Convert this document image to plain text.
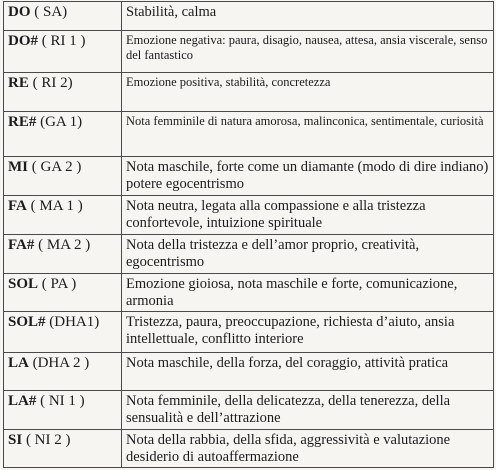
DO ( SA)	Stabilità, calma
DO# ( RI 1 )	Emozione negativa: paura, disagio, nausea, attesa, ansia viscerale, senso del fantastico
RE ( RI 2)	Emozione positiva, stabilità, concretezza
RE# (GA 1)	Nota femminile di natura amorosa, malinconica, sentimentale, curiosità
MI ( GA 2 )	Nota maschile, forte come un diamante (modo di dire indiano) potere egocentrismo
FA ( MA 1 )	Nota neutra, legata alla compassione e alla tristezza confortevole, intuizione spirituale
FA# ( MA 2 )	Nota della tristezza e dell’amor proprio, creatività, egocentrismo
SOL ( PA )	Emozione gioiosa, nota maschile e forte, comunicazione, armonia
SOL# (DHA1)	Tristezza, paura, preoccupazione, richiesta d’aiuto, ansia intellettuale, conflitto interiore
LA (DHA 2 )	Nota maschile, della forza, del coraggio, attività pratica
LA# ( NI 1 )	Nota femminile, della delicatezza, della tenerezza, della sensualità e dell’attrazione
SI ( NI 2 )	Nota della rabbia, della sfida, aggressività e valutazione desiderio di autoaffermazione
